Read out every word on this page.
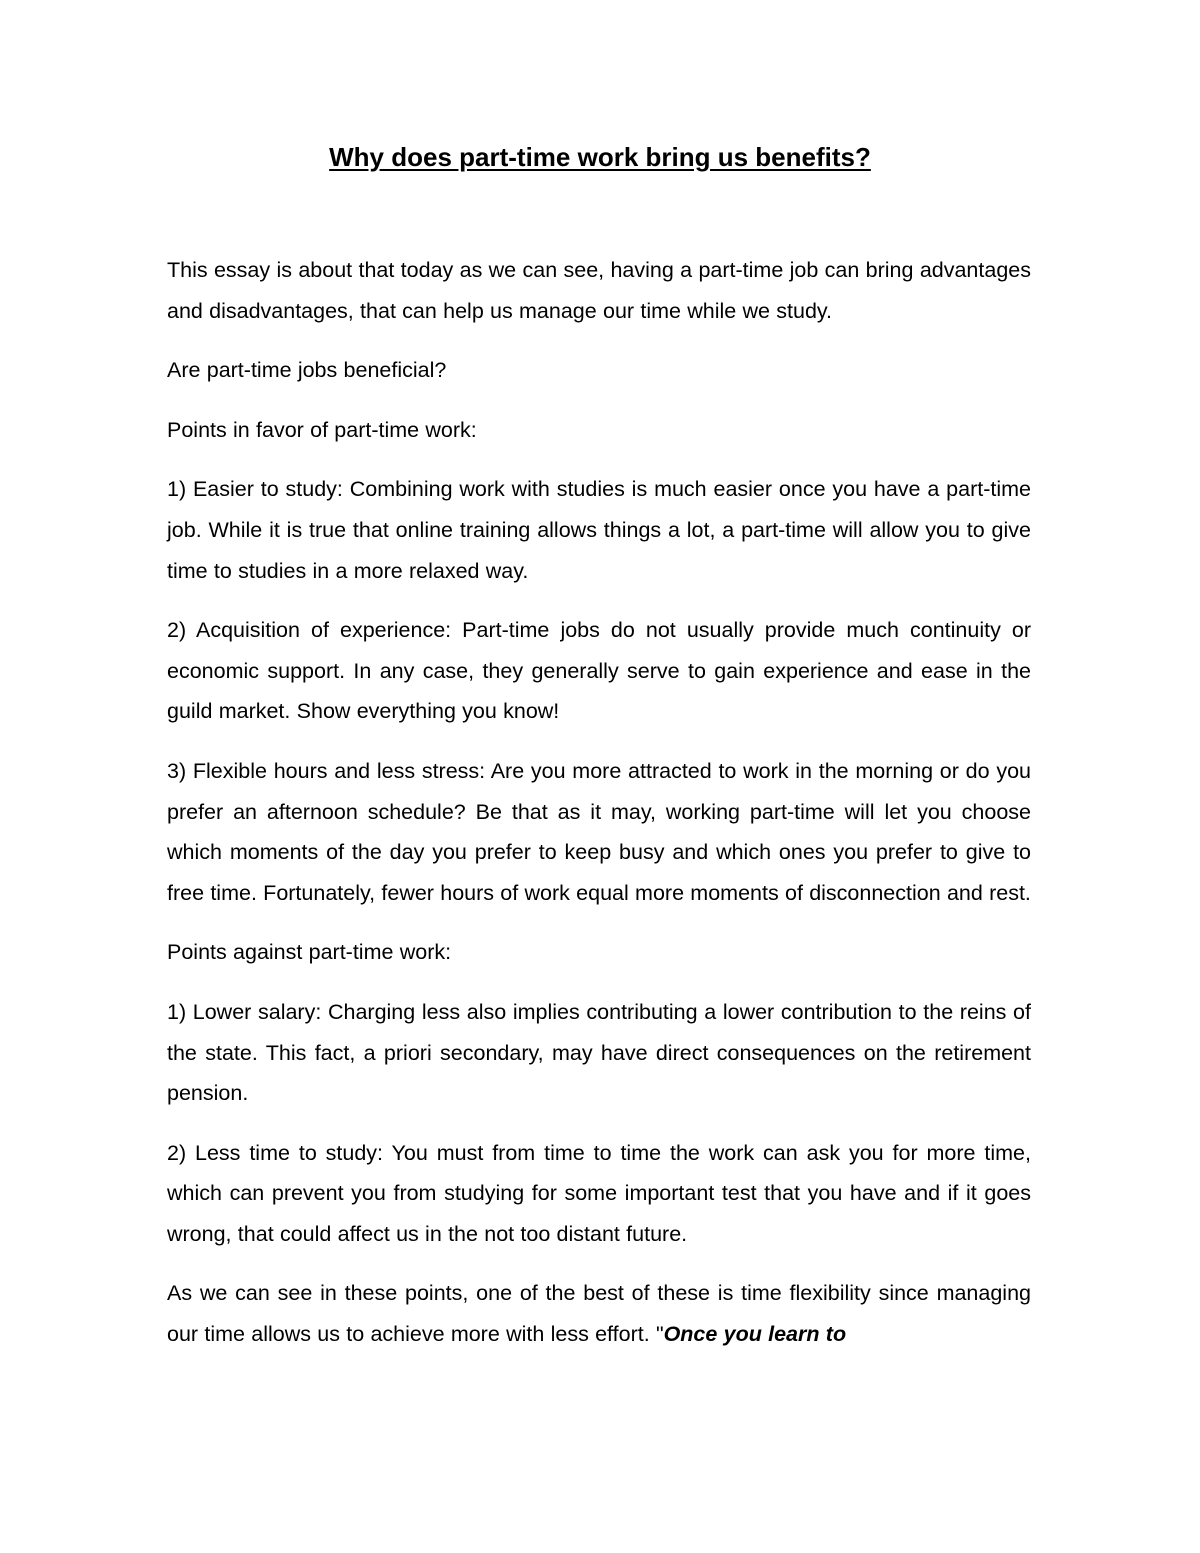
Why does part-time work bring us benefits?

This essay is about that today as we can see, having a part-time job can bring advantages and disadvantages, that can help us manage our time while we study.

Are part-time jobs beneficial?

Points in favor of part-time work:

1) Easier to study: Combining work with studies is much easier once you have a part-time job. While it is true that online training allows things a lot, a part-time will allow you to give time to studies in a more relaxed way.

2) Acquisition of experience: Part-time jobs do not usually provide much continuity or economic support. In any case, they generally serve to gain experience and ease in the guild market. Show everything you know!

3) Flexible hours and less stress: Are you more attracted to work in the morning or do you prefer an afternoon schedule? Be that as it may, working part-time will let you choose which moments of the day you prefer to keep busy and which ones you prefer to give to free time. Fortunately, fewer hours of work equal more moments of disconnection and rest.

Points against part-time work:

1) Lower salary: Charging less also implies contributing a lower contribution to the reins of the state. This fact, a priori secondary, may have direct consequences on the retirement pension.

2) Less time to study: You must from time to time the work can ask you for more time, which can prevent you from studying for some important test that you have and if it goes wrong, that could affect us in the not too distant future.

As we can see in these points, one of the best of these is time flexibility since managing our time allows us to achieve more with less effort. "Once you learn to
